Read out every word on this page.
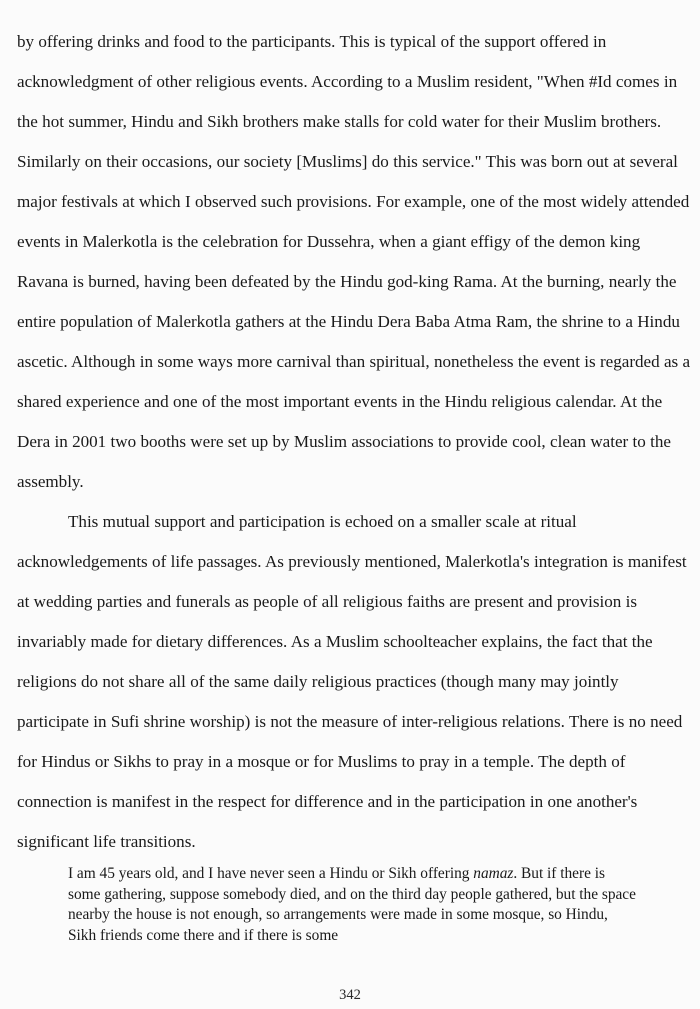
by offering drinks and food to the participants. This is typical of the support offered in acknowledgment of other religious events. According to a Muslim resident, "When #Id comes in the hot summer, Hindu and Sikh brothers make stalls for cold water for their Muslim brothers. Similarly on their occasions, our society [Muslims] do this service." This was born out at several major festivals at which I observed such provisions. For example, one of the most widely attended events in Malerkotla is the celebration for Dussehra, when a giant effigy of the demon king Ravana is burned, having been defeated by the Hindu god-king Rama. At the burning, nearly the entire population of Malerkotla gathers at the Hindu Dera Baba Atma Ram, the shrine to a Hindu ascetic. Although in some ways more carnival than spiritual, nonetheless the event is regarded as a shared experience and one of the most important events in the Hindu religious calendar. At the Dera in 2001 two booths were set up by Muslim associations to provide cool, clean water to the assembly.

This mutual support and participation is echoed on a smaller scale at ritual acknowledgements of life passages. As previously mentioned, Malerkotla's integration is manifest at wedding parties and funerals as people of all religious faiths are present and provision is invariably made for dietary differences. As a Muslim schoolteacher explains, the fact that the religions do not share all of the same daily religious practices (though many may jointly participate in Sufi shrine worship) is not the measure of inter-religious relations. There is no need for Hindus or Sikhs to pray in a mosque or for Muslims to pray in a temple. The depth of connection is manifest in the respect for difference and in the participation in one another's significant life transitions.

I am 45 years old, and I have never seen a Hindu or Sikh offering namaz. But if there is some gathering, suppose somebody died, and on the third day people gathered, but the space nearby the house is not enough, so arrangements were made in some mosque, so Hindu, Sikh friends come there and if there is some

342
